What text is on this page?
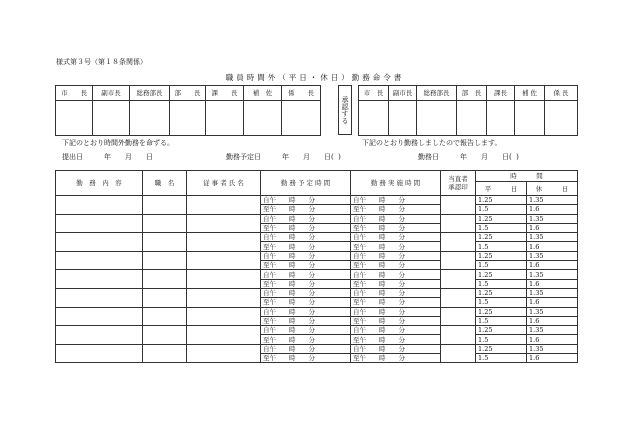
様式第３号（第１８条関係）
職員時間外（平日・休日）勤務命令書
市　　長	副市長	総務部長	部　　長	課　　長	補　佐	係　　長

承認する
市　長	副市長	総務部長	部　長	課長	補 佐	係 長

下記のとおり時間外勤務を命ずる。	下記のとおり勤務しましたので報告します。
提出日　　　年　　月　　日	勤務予定日　　　年　　月　　日(  )	勤務日　　　年　　月　　日(  )
勤　務　内　容	職　名	従 事 者 氏 名	勤 務 予 定 時 間	勤 務 実 施 時 間	当直者
承認印	時　　　間	
						平　　　日	休　　　日
			自午　　時　　分	自午　　時　　分		1.25	1.35
			至午　　時　　分	至午　　時　　分		1.5	1.6
			自午　　時　　分	自午　　時　　分		1.25	1.35
			至午　　時　　分	至午　　時　　分		1.5	1.6
			自午　　時　　分	自午　　時　　分		1.25	1.35
			至午　　時　　分	至午　　時　　分		1.5	1.6
			自午　　時　　分	自午　　時　　分		1.25	1.35
			至午　　時　　分	至午　　時　　分		1.5	1.6
			自午　　時　　分	自午　　時　　分		1.25	1.35
			至午　　時　　分	至午　　時　　分		1.5	1.6
			自午　　時　　分	自午　　時　　分		1.25	1.35
			至午　　時　　分	至午　　時　　分		1.5	1.6
			自午　　時　　分	自午　　時　　分		1.25	1.35
			至午　　時　　分	至午　　時　　分		1.5	1.6
			自午　　時　　分	自午　　時　　分		1.25	1.35
			至午　　時　　分	至午　　時　　分		1.5	1.6
			自午　　時　　分	自午　　時　　分		1.25	1.35
			至午　　時　　分	至午　　時　　分		1.5	1.6
